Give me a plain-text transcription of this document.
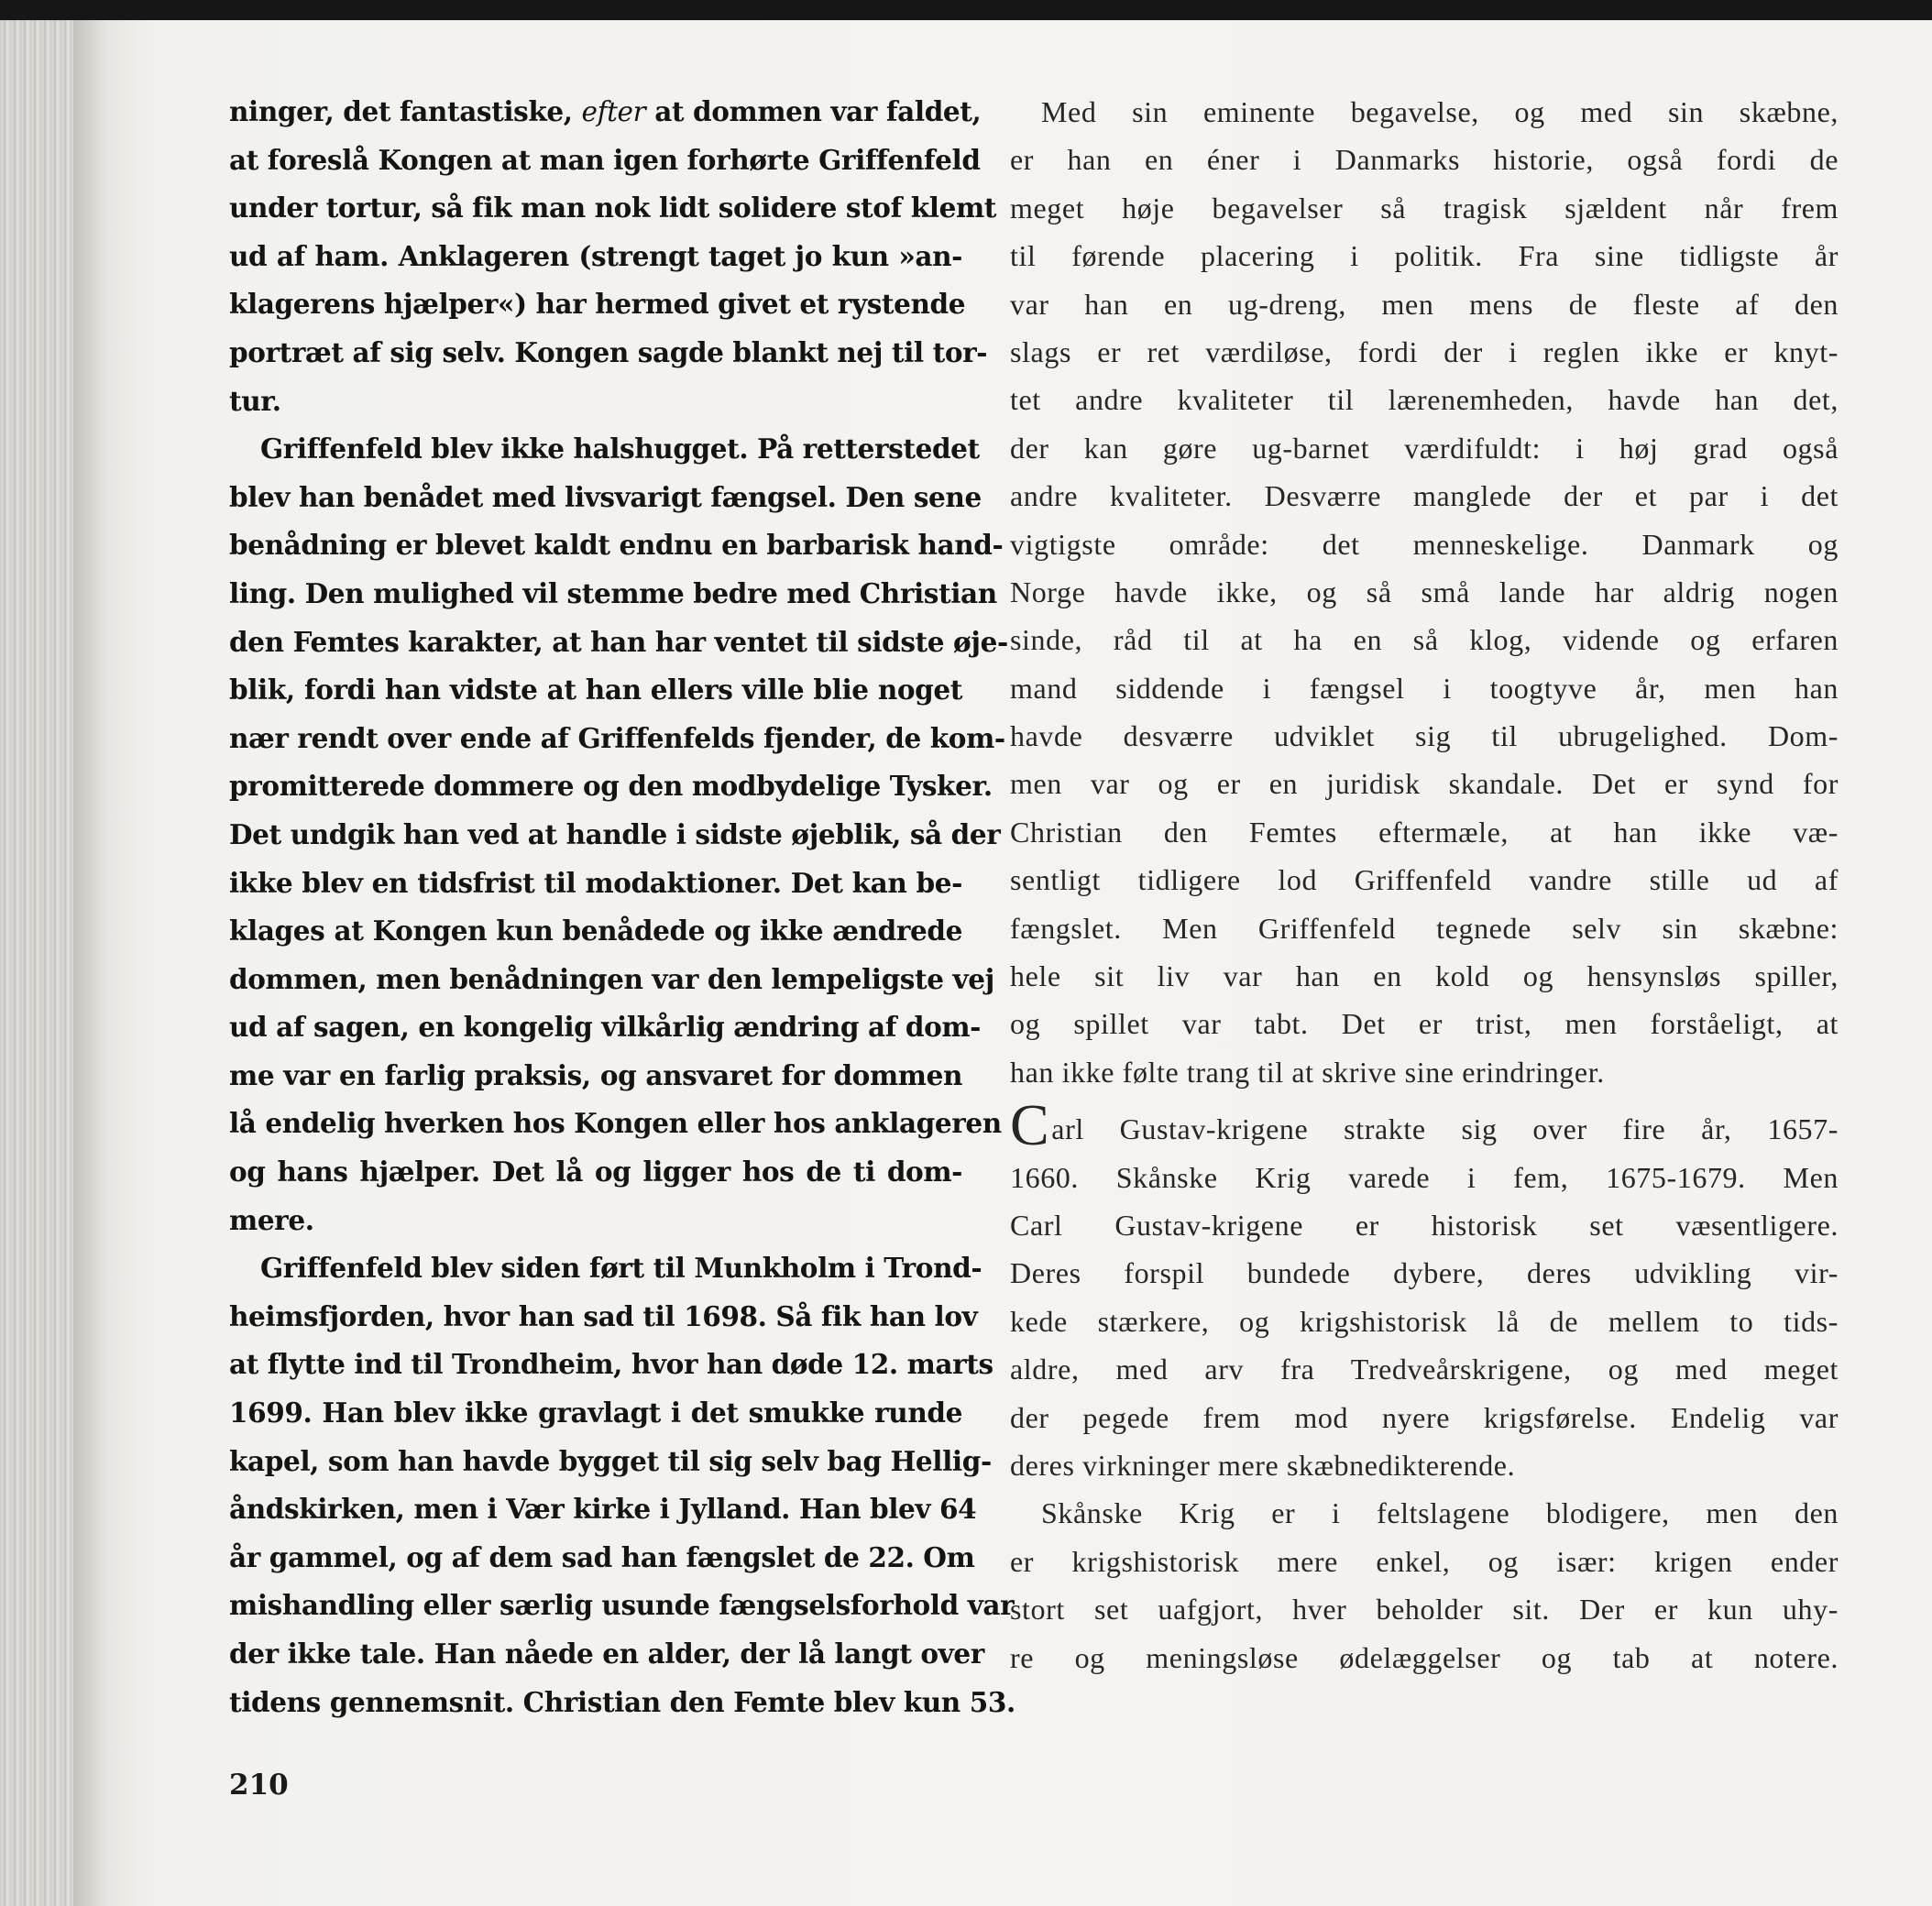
ninger, det fantastiske, efter at dommen var faldet,
at foreslå Kongen at man igen forhørte Griffenfeld
under tortur, så fik man nok lidt solidere stof klemt
ud af ham. Anklageren (strengt taget jo kun »an-
klagerens hjælper«) har hermed givet et rystende
portræt af sig selv. Kongen sagde blankt nej til tor-
tur.
Griffenfeld blev ikke halshugget. På retterstedet
blev han benådet med livsvarigt fængsel. Den sene
benådning er blevet kaldt endnu en barbarisk hand-
ling. Den mulighed vil stemme bedre med Christian
den Femtes karakter, at han har ventet til sidste øje-
blik, fordi han vidste at han ellers ville blie noget
nær rendt over ende af Griffenfelds fjender, de kom-
promitterede dommere og den modbydelige Tysker.
Det undgik han ved at handle i sidste øjeblik, så der
ikke blev en tidsfrist til modaktioner. Det kan be-
klages at Kongen kun benådede og ikke ændrede
dommen, men benådningen var den lempeligste vej
ud af sagen, en kongelig vilkårlig ændring af dom-
me var en farlig praksis, og ansvaret for dommen
lå endelig hverken hos Kongen eller hos anklageren
og hans hjælper. Det lå og ligger hos de ti dom-
mere.
Griffenfeld blev siden ført til Munkholm i Trond-
heimsfjorden, hvor han sad til 1698. Så fik han lov
at flytte ind til Trondheim, hvor han døde 12. marts
1699. Han blev ikke gravlagt i det smukke runde
kapel, som han havde bygget til sig selv bag Hellig-
åndskirken, men i Vær kirke i Jylland. Han blev 64
år gammel, og af dem sad han fængslet de 22. Om
mishandling eller særlig usunde fængselsforhold var
der ikke tale. Han nåede en alder, der lå langt over
tidens gennemsnit. Christian den Femte blev kun 53.
Med sin eminente begavelse, og med sin skæbne,
er han en éner i Danmarks historie, også fordi de
meget høje begavelser så tragisk sjældent når frem
til førende placering i politik. Fra sine tidligste år
var han en ug-dreng, men mens de fleste af den
slags er ret værdiløse, fordi der i reglen ikke er knyt-
tet andre kvaliteter til lærenemheden, havde han det,
der kan gøre ug-barnet værdifuldt: i høj grad også
andre kvaliteter. Desværre manglede der et par i det
vigtigste område: det menneskelige. Danmark og
Norge havde ikke, og så små lande har aldrig nogen
sinde, råd til at ha en så klog, vidende og erfaren
mand siddende i fængsel i toogtyve år, men han
havde desværre udviklet sig til ubrugelighed. Dom-
men var og er en juridisk skandale. Det er synd for
Christian den Femtes eftermæle, at han ikke væ-
sentligt tidligere lod Griffenfeld vandre stille ud af
fængslet. Men Griffenfeld tegnede selv sin skæbne:
hele sit liv var han en kold og hensynsløs spiller,
og spillet var tabt. Det er trist, men forståeligt, at
han ikke følte trang til at skrive sine erindringer.
Carl Gustav-krigene strakte sig over fire år, 1657-
1660. Skånske Krig varede i fem, 1675-1679. Men
Carl Gustav-krigene er historisk set væsentligere.
Deres forspil bundede dybere, deres udvikling vir-
kede stærkere, og krigshistorisk lå de mellem to tids-
aldre, med arv fra Tredveårskrigene, og med meget
der pegede frem mod nyere krigsførelse. Endelig var
deres virkninger mere skæbnedikterende.
Skånske Krig er i feltslagene blodigere, men den
er krigshistorisk mere enkel, og især: krigen ender
stort set uafgjort, hver beholder sit. Der er kun uhy-
re og meningsløse ødelæggelser og tab at notere.
210
